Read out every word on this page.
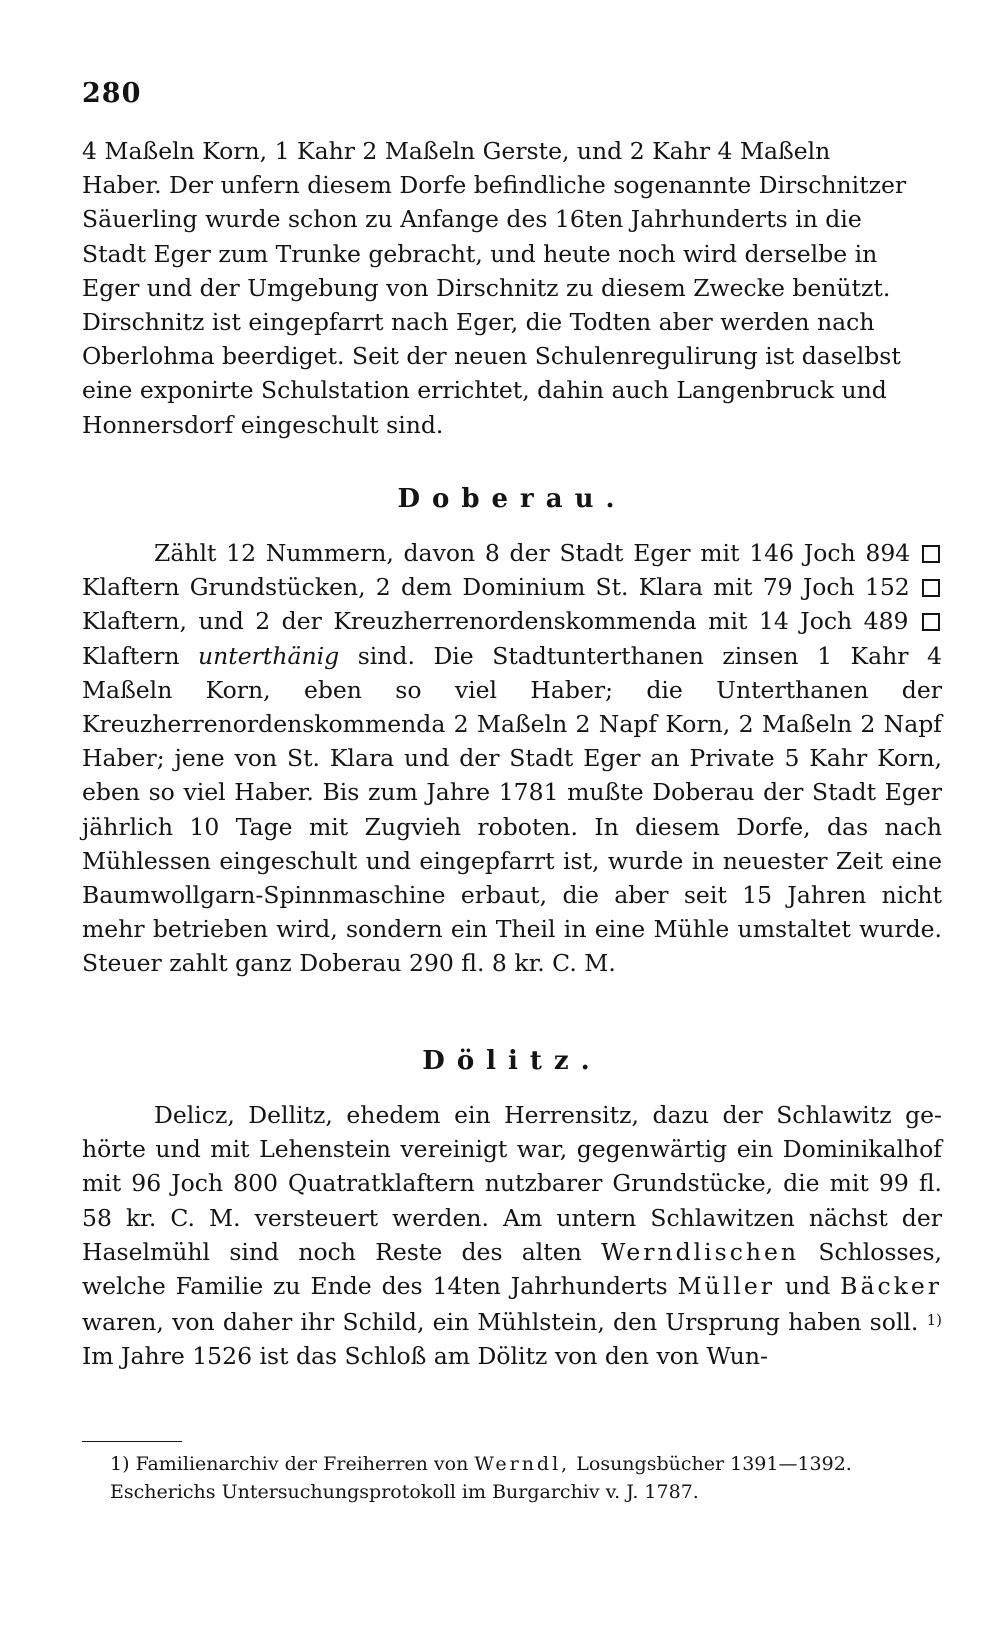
280
4 Maßeln Korn, 1 Kahr 2 Maßeln Gerste, und 2 Kahr 4 Maßeln
Haber. Der unfern diesem Dorfe befindliche sogenannte Dirschnitzer
Säuerling wurde schon zu Anfange des 16ten Jahrhunderts in die
Stadt Eger zum Trunke gebracht, und heute noch wird derselbe in
Eger und der Umgebung von Dirschnitz zu diesem Zwecke benützt.
Dirschnitz ist eingepfarrt nach Eger, die Todten aber werden nach
Oberlohma beerdiget. Seit der neuen Schulenregulirung ist daselbst
eine exponirte Schulstation errichtet, dahin auch Langenbruck und
Honnersdorf eingeschult sind.
Doberau.
Zählt 12 Nummern, davon 8 der Stadt Eger mit 146 Joch 894  Klaftern Grundstücken, 2 dem Dominium St. Klara mit 79 Joch 152  Klaftern, und 2 der Kreuzherrenordenskommenda mit 14 Joch 489  Klaftern unterthänig sind. Die Stadtunterthanen zinsen 1 Kahr 4 Maßeln Korn, eben so viel Haber; die Unterthanen der Kreuzherrenordenskommenda 2 Maßeln 2 Napf Korn, 2 Maßeln 2 Napf Haber; jene von St. Klara und der Stadt Eger an Private 5 Kahr Korn, eben so viel Haber. Bis zum Jahre 1781 mußte Doberau der Stadt Eger jährlich 10 Tage mit Zugvieh roboten. In diesem Dorfe, das nach Mühlessen eingeschult und eingepfarrt ist, wurde in neuester Zeit eine Baumwollgarn-Spinnmaschine erbaut, die aber seit 15 Jahren nicht mehr betrieben wird, sondern ein Theil in eine Mühle umstaltet wurde. Steuer zahlt ganz Doberau 290 fl. 8 kr. C. M.
Dölitz.
Delicz, Dellitz, ehedem ein Herrensitz, dazu der Schlawitz gehörte und mit Lehenstein vereinigt war, gegenwärtig ein Dominikalhof mit 96 Joch 800 Quatratklaftern nutzbarer Grundstücke, die mit 99 fl. 58 kr. C. M. versteuert werden. Am untern Schlawitzen nächst der Haselmühl sind noch Reste des alten Werndlischen Schlosses, welche Familie zu Ende des 14ten Jahrhunderts Müller und Bäcker waren, von daher ihr Schild, ein Mühlstein, den Ursprung haben soll. $^{1)}$ Im Jahre 1526 ist das Schloß am Dölitz von den von Wun-
1) Familienarchiv der Freiherren von Werndl, Losungsbücher 1391—1392.
Escherichs Untersuchungsprotokoll im Burgarchiv v. J. 1787.
